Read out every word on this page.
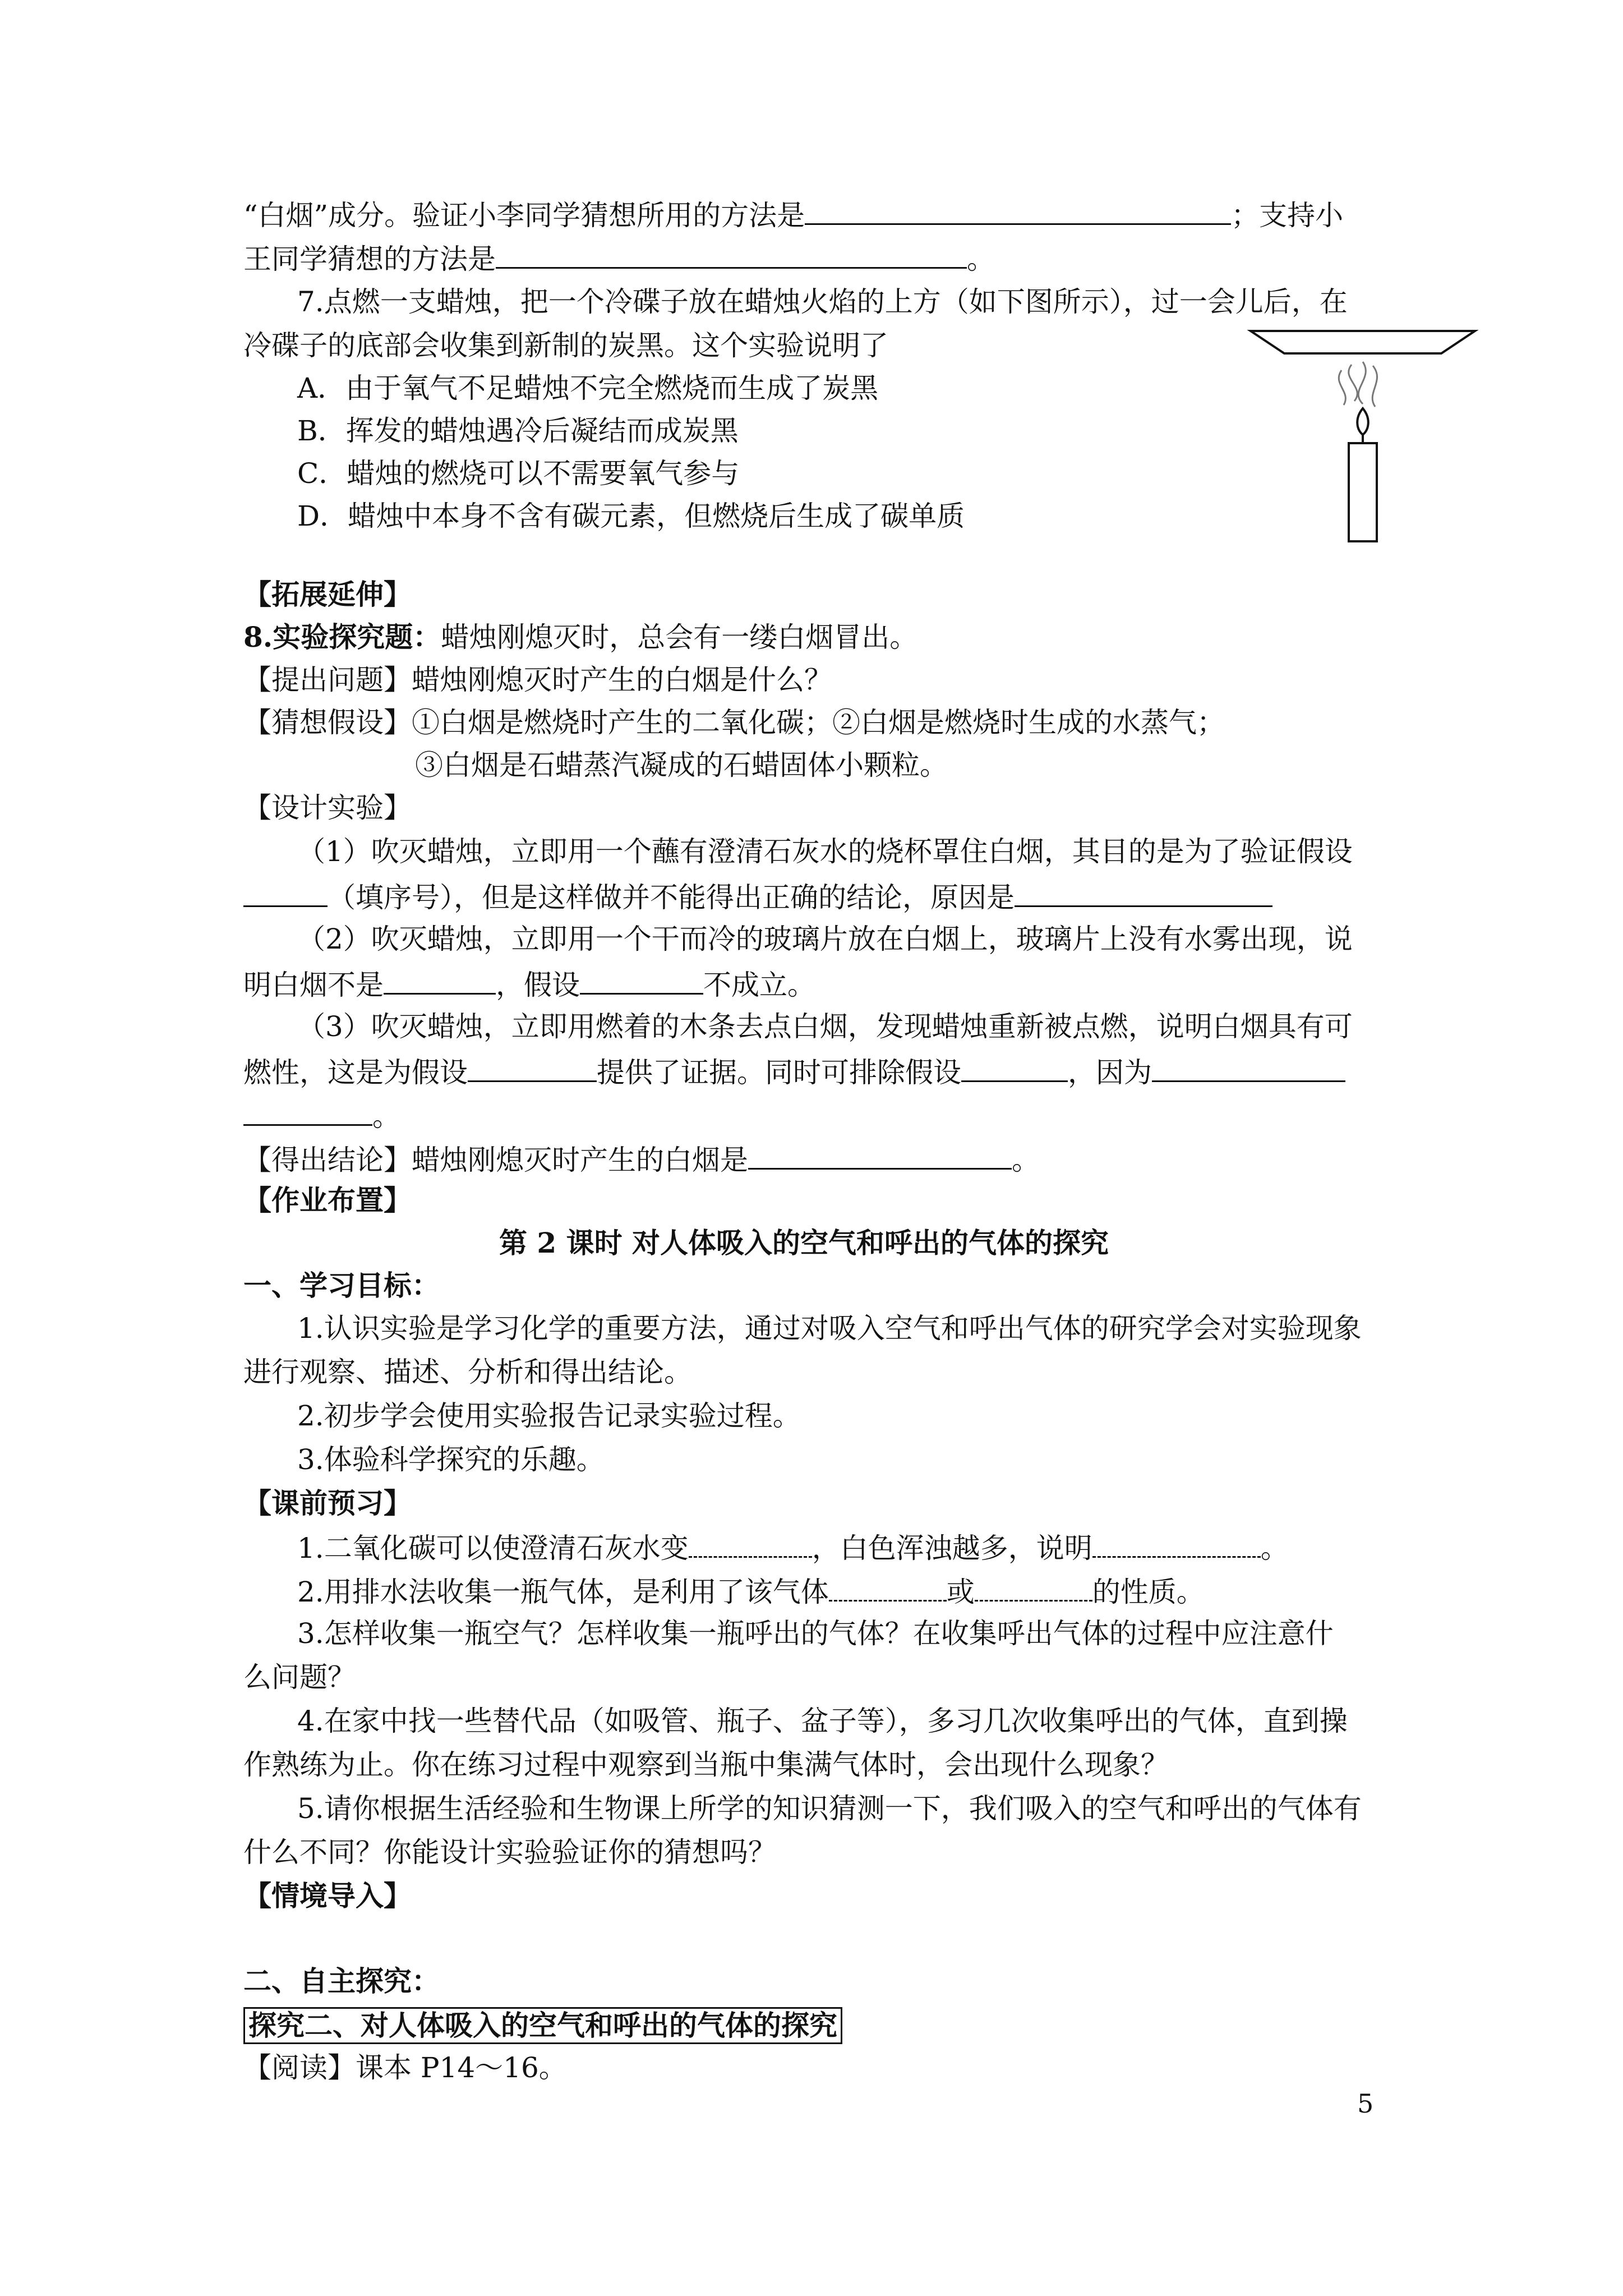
“白烟”成分。验证小李同学猜想所用的方法是	；支持小
王同学猜想的方法是	。
7.点燃一支蜡烛，把一个冷碟子放在蜡烛火焰的上方（如下图所示），过一会儿后，在
冷碟子的底部会收集到新制的炭黑。这个实验说明了
A．由于氧气不足蜡烛不完全燃烧而生成了炭黑
B．挥发的蜡烛遇冷后凝结而成炭黑
C．蜡烛的燃烧可以不需要氧气参与
D．蜡烛中本身不含有碳元素，但燃烧后生成了碳单质
【拓展延伸】
8.实验探究题：蜡烛刚熄灭时，总会有一缕白烟冒出。
【提出问题】蜡烛刚熄灭时产生的白烟是什么？
【猜想假设】①白烟是燃烧时产生的二氧化碳；②白烟是燃烧时生成的水蒸气；
③白烟是石蜡蒸汽凝成的石蜡固体小颗粒。
【设计实验】
（1）吹灭蜡烛，立即用一个蘸有澄清石灰水的烧杯罩住白烟，其目的是为了验证假设
（填序号），但是这样做并不能得出正确的结论，原因是
（2）吹灭蜡烛，立即用一个干而冷的玻璃片放在白烟上，玻璃片上没有水雾出现，说
明白烟不是	，假设	不成立。
（3）吹灭蜡烛，立即用燃着的木条去点白烟，发现蜡烛重新被点燃，说明白烟具有可
燃性，这是为假设	提供了证据。同时可排除假设	，因为
。
【得出结论】蜡烛刚熄灭时产生的白烟是	。
【作业布置】
第 2 课时 对人体吸入的空气和呼出的气体的探究
一、学习目标：
1.认识实验是学习化学的重要方法，通过对吸入空气和呼出气体的研究学会对实验现象
进行观察、描述、分析和得出结论。
2.初步学会使用实验报告记录实验过程。
3.体验科学探究的乐趣。
【课前预习】
1.二氧化碳可以使澄清石灰水变	，白色浑浊越多，说明	。
2.用排水法收集一瓶气体，是利用了该气体	或	的性质。
3.怎样收集一瓶空气？怎样收集一瓶呼出的气体？在收集呼出气体的过程中应注意什
么问题？
4.在家中找一些替代品（如吸管、瓶子、盆子等），多习几次收集呼出的气体，直到操
作熟练为止。你在练习过程中观察到当瓶中集满气体时，会出现什么现象？
5.请你根据生活经验和生物课上所学的知识猜测一下，我们吸入的空气和呼出的气体有
什么不同？你能设计实验验证你的猜想吗？
【情境导入】
二、自主探究：
探究二、对人体吸入的空气和呼出的气体的探究
【阅读】课本 P14～16。
5
